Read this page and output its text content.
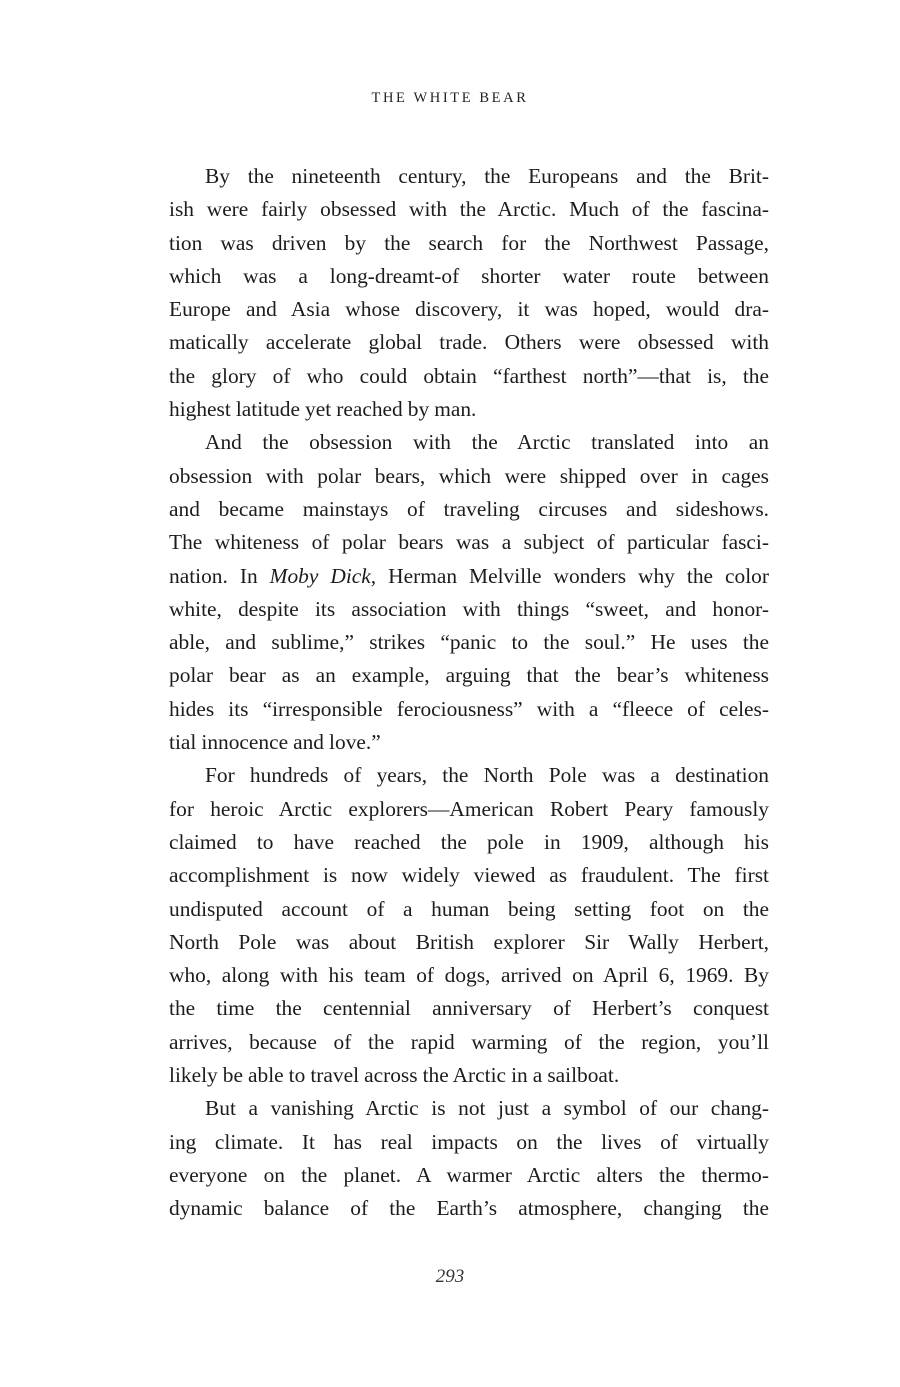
THE WHITE BEAR

By the nineteenth century, the Europeans and the Brit-
ish were fairly obsessed with the Arctic. Much of the fascina-
tion was driven by the search for the Northwest Passage,
which was a long-dreamt-of shorter water route between
Europe and Asia whose discovery, it was hoped, would dra-
matically accelerate global trade. Others were obsessed with
the glory of who could obtain “farthest north”—that is, the
highest latitude yet reached by man.

And the obsession with the Arctic translated into an
obsession with polar bears, which were shipped over in cages
and became mainstays of traveling circuses and sideshows.
The whiteness of polar bears was a subject of particular fasci-
nation. In Moby Dick, Herman Melville wonders why the color
white, despite its association with things “sweet, and honor-
able, and sublime,” strikes “panic to the soul.” He uses the
polar bear as an example, arguing that the bear’s whiteness
hides its “irresponsible ferociousness” with a “fleece of celes-
tial innocence and love.”

For hundreds of years, the North Pole was a destination
for heroic Arctic explorers—American Robert Peary famously
claimed to have reached the pole in 1909, although his
accomplishment is now widely viewed as fraudulent. The first
undisputed account of a human being setting foot on the
North Pole was about British explorer Sir Wally Herbert,
who, along with his team of dogs, arrived on April 6, 1969. By
the time the centennial anniversary of Herbert’s conquest
arrives, because of the rapid warming of the region, you’ll
likely be able to travel across the Arctic in a sailboat.

But a vanishing Arctic is not just a symbol of our chang-
ing climate. It has real impacts on the lives of virtually
everyone on the planet. A warmer Arctic alters the thermo-
dynamic balance of the Earth’s atmosphere, changing the

293
